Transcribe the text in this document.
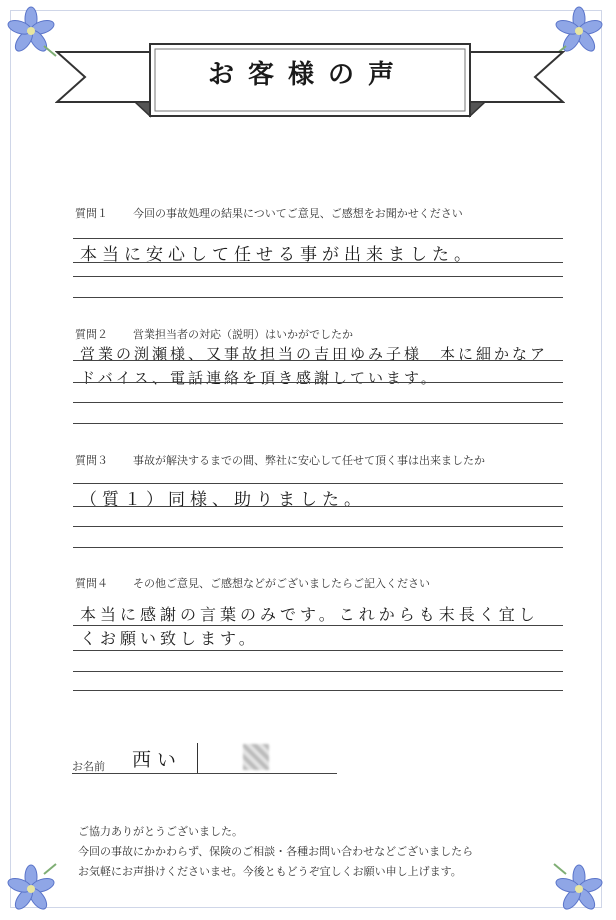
お客様の声
質問１ 今回の事故処理の結果についてご意見、ご感想をお聞かせください
本当に安心して任せる事が出来ました。
質問２ 営業担当者の対応（説明）はいかがでしたか
営業の渕瀬様、又事故担当の吉田ゆみ子様　本に細かなアドバイス、電話連絡を頂き感謝しています。
質問３ 事故が解決するまでの間、弊社に安心して任せて頂く事は出来ましたか
（質１）同様、助りました。
質問４ その他ご意見、ご感想などがございましたらご記入ください
本当に感謝の言葉のみです。これからも末長く宜しくお願い致します。
お名前 西い
ご協力ありがとうございました。
今回の事故にかかわらず、保険のご相談・各種お問い合わせなどございましたら
お気軽にお声掛けくださいませ。今後ともどうぞ宜しくお願い申し上げます。
